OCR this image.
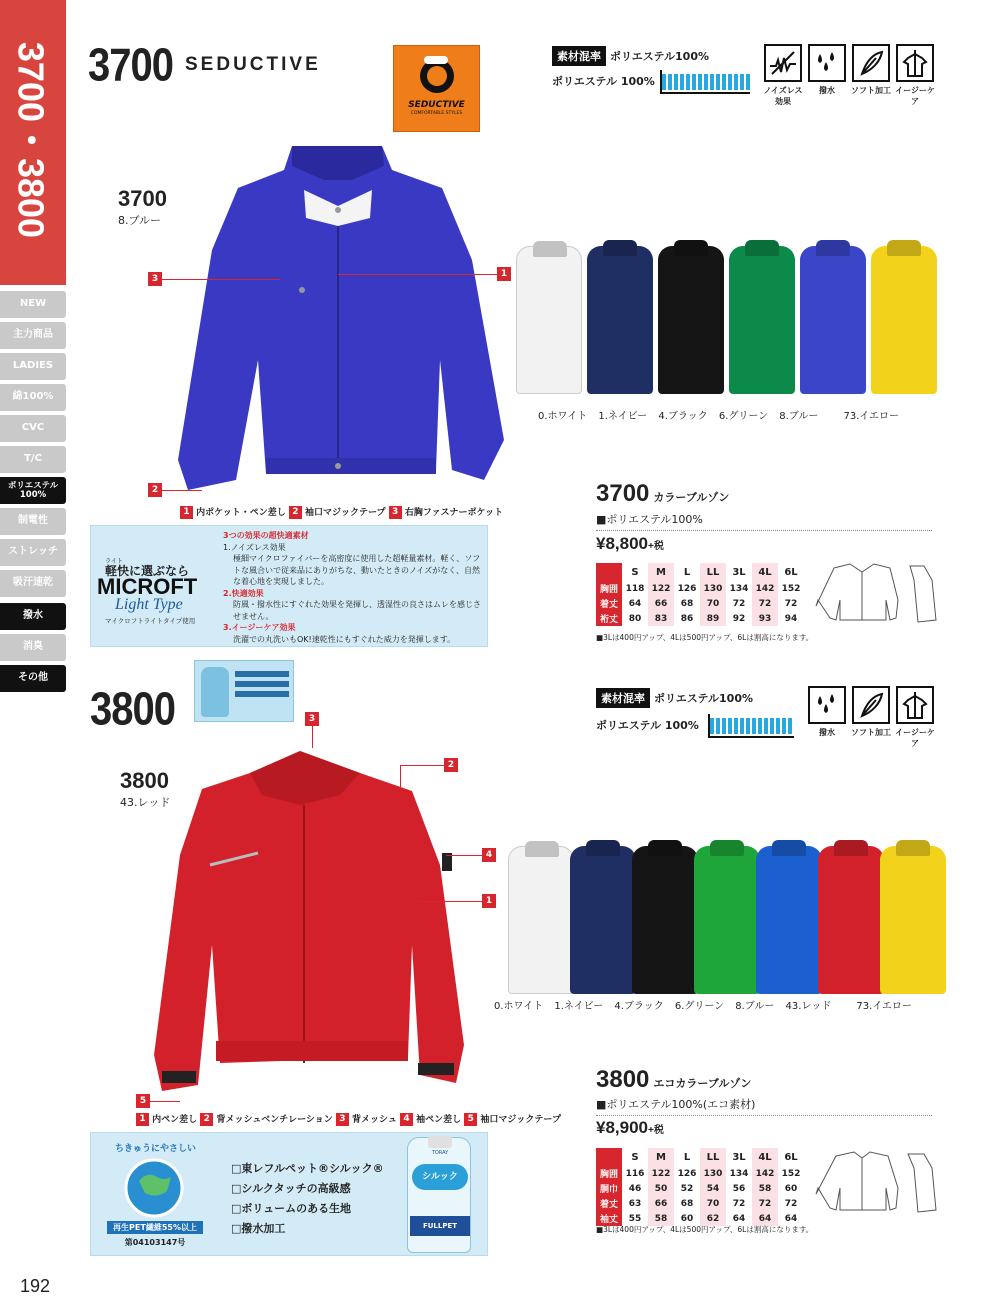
3700・3800
NEW
主力商品
LADIES
綿100%
CVC
T/C
ポリエステル
100%
制電性
ストレッチ
吸汗速乾
撥水
消臭
その他
3700 SEDUCTIVE
SEDUCTIVE
COMFORTABLE STYLES
素材混率 ポリエステル100%
ポリエステル 100%
ノイズレス効果
撥水	ソフト加工 イージーケア
3700
8.ブルー
3	1
2
1 内ポケット・ペン差し 2 袖口マジックテープ 3 右胸ファスナーポケット
0.ホワイト 1.ネイビー 4.ブラック 6.グリーン 8.ブルー	73.イエロー
3700 カラーブルゾン
■ポリエステル100%
¥8,800+税
	S	M	L	LL	3L	4L	6L
胸囲	118	122	126	130	134	142	152
着丈	64	66	68	70	72	72	72
裄丈	80	83	86	89	92	93	94
■3Lは400円アップ、4Lは500円アップ、6Lは割高になります。
ライト
軽快に選ぶなら
MICROFT
Light Type
マイクロフトライトタイプ使用
3つの効果の超快適素材
1.ノイズレス効果
極細マイクロファイバーを高密度に使用した超軽量素材。軽く、ソフトな風合いで従来品にありがちな、動いたときのノイズがなく、自然な着心地を実現しました。
2.快適効果
防風・撥水性にすぐれた効果を発揮し、透湿性の良さはムレを感じさせません。
3.イージーケア効果
洗濯での丸洗いもOK!速乾性にもすぐれた威力を発揮します。
3800	素材混率 ポリエステル100%
ポリエステル 100%
撥水	ソフト加工 イージーケア
3800
43.レッド
3
2
4
1
5
1 内ペン差し 2 背メッシュベンチレーション 3 背メッシュ 4 袖ペン差し 5 袖口マジックテープ
0.ホワイト 1.ネイビー 4.ブラック 6.グリーン 8.ブルー 43.レッド	73.イエロー
3800 エコカラーブルゾン
■ポリエステル100%(エコ素材)
¥8,900+税
	S	M	L	LL	3L	4L	6L
胸囲	116	122	126	130	134	142	152
胴巾	46	50	52	54	56	58	60
着丈	63	66	68	70	72	72	72
袖丈	55	58	60	62	64	64	64
■3Lは400円アップ、4Lは500円アップ、6Lは割高になります。
ちきゅうにやさしい
再生PET繊維55%以上
第04103147号
□東レフルペット®シルック®
□シルクタッチの高級感
□ボリュームのある生地
□撥水加工
シルック
FULLPET
TORAY
192
